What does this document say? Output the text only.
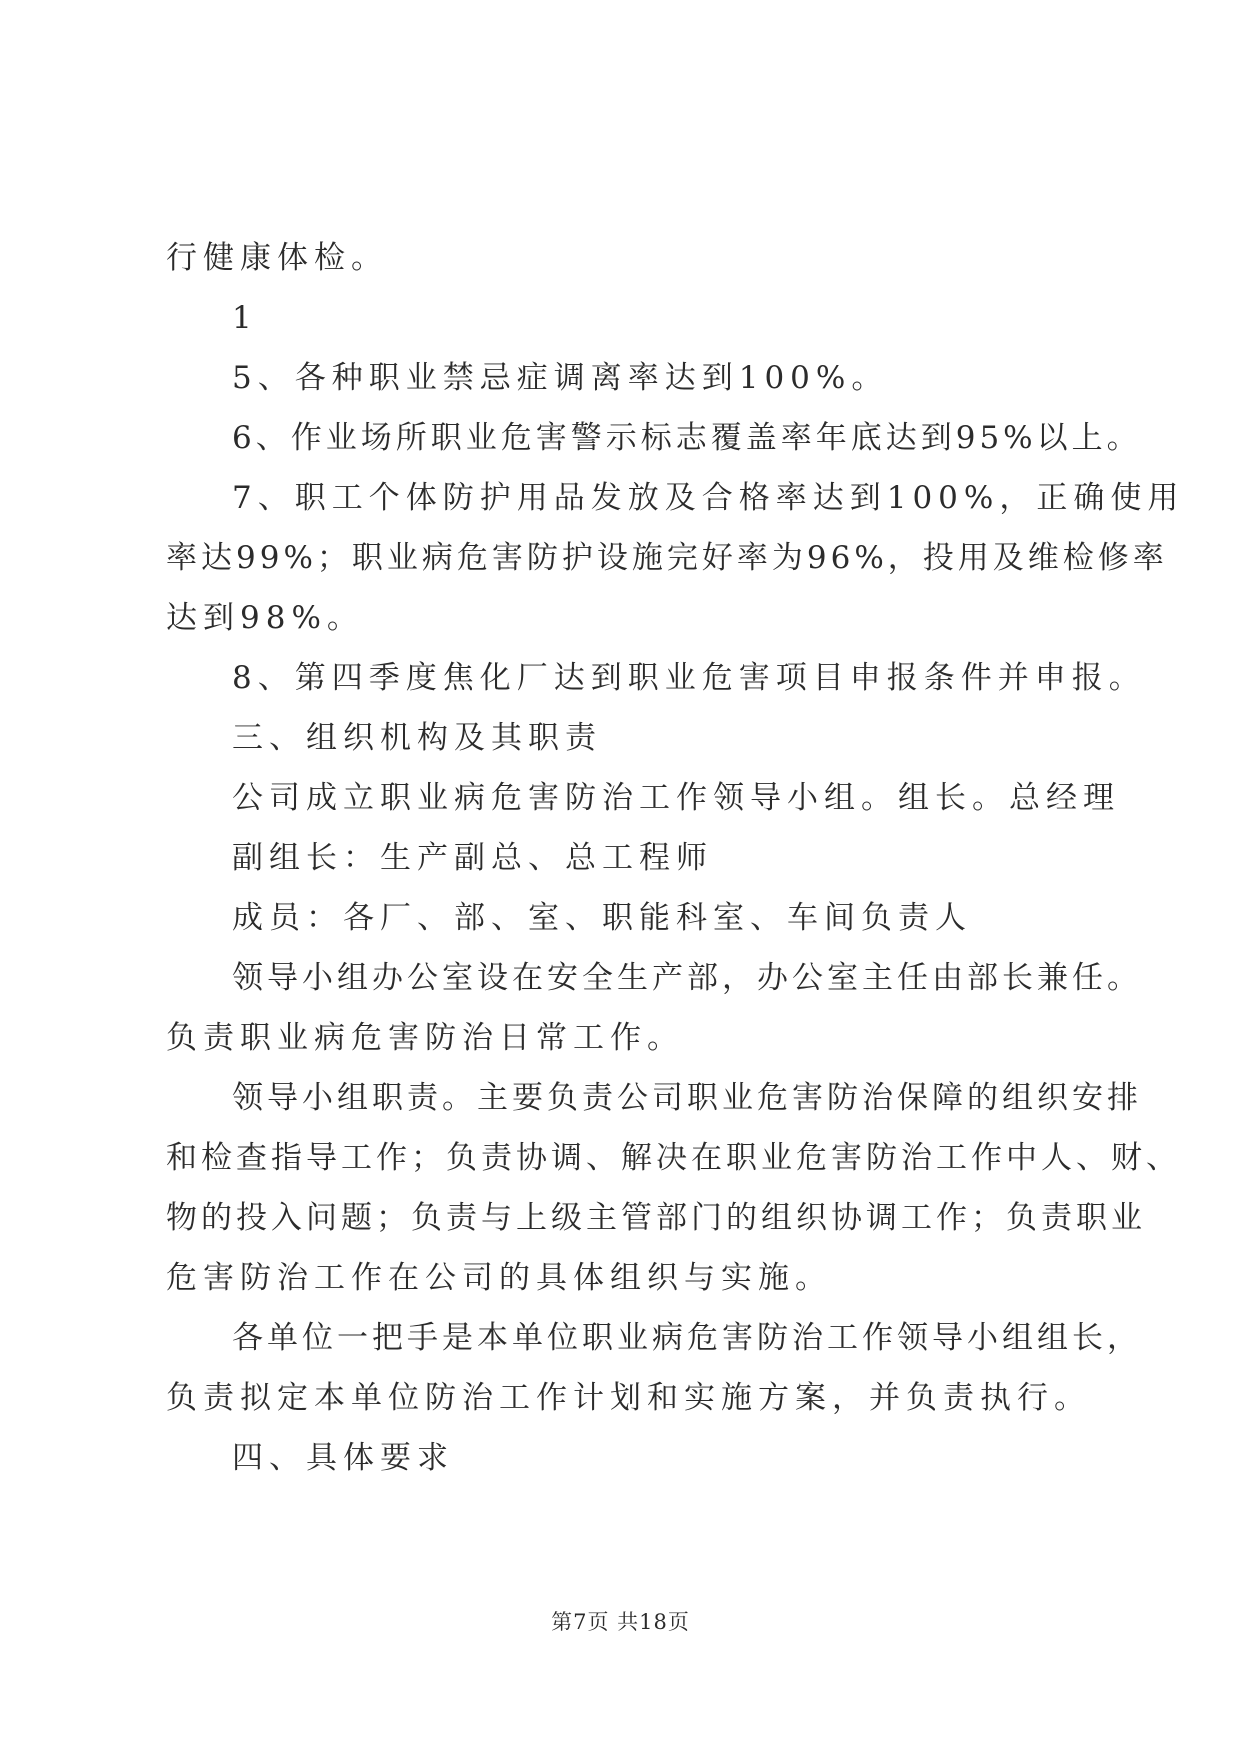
行健康体检。
1
5、各种职业禁忌症调离率达到100%。
6、作业场所职业危害警示标志覆盖率年底达到95%以上。
7、职工个体防护用品发放及合格率达到100%，正确使用
率达99%；职业病危害防护设施完好率为96%，投用及维检修率
达到98%。
8、第四季度焦化厂达到职业危害项目申报条件并申报。
三、组织机构及其职责
公司成立职业病危害防治工作领导小组。组长。总经理
副组长：生产副总、总工程师
成员：各厂、部、室、职能科室、车间负责人
领导小组办公室设在安全生产部，办公室主任由部长兼任。
负责职业病危害防治日常工作。
领导小组职责。主要负责公司职业危害防治保障的组织安排
和检查指导工作；负责协调、解决在职业危害防治工作中人、财、
物的投入问题；负责与上级主管部门的组织协调工作；负责职业
危害防治工作在公司的具体组织与实施。
各单位一把手是本单位职业病危害防治工作领导小组组长，
负责拟定本单位防治工作计划和实施方案，并负责执行。
四、具体要求
第7页 共18页
